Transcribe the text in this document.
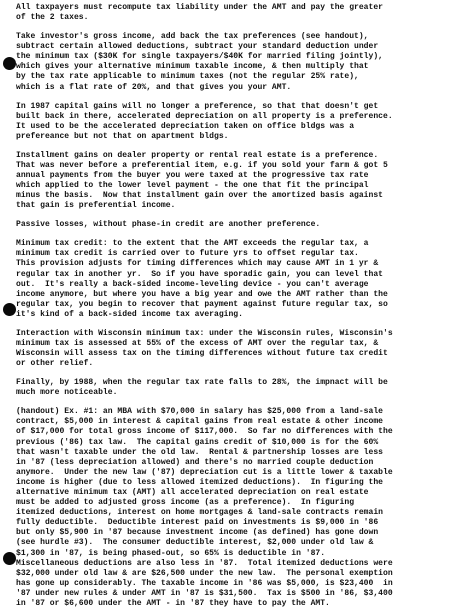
All taxpayers must recompute tax liability under the AMT and pay the greater
of the 2 taxes.
Take investor's gross income, add back the tax preferences (see handout),
subtract certain allowed deductions, subtract your standard deduction under
the minimum tax ($30K for single taxpayers/$40K for married filing jointly),
which gives your alternative minimum taxable income, & then multiply that
by the tax rate applicable to minimum taxes (not the regular 25% rate),
which is a flat rate of 20%, and that gives you your AMT.
In 1987 capital gains will no longer a preference, so that that doesn't get
built back in there, accelerated depreciation on all property is a preference.
It used to be the accelerated depreciation taken on office bldgs was a
prefereance but not that on apartment bldgs.
Installment gains on dealer property or rental real estate is a preference.
That was never before a preferential item, e.g. if you sold your farm & got 5
annual payments from the buyer you were taxed at the progressive tax rate
which applied to the lower level payment - the one that fit the principal
minus the basis.  Now that installment gain over the amortized basis against
that gain is preferential income.
Passive losses, without phase-in credit are another preference.
Minimum tax credit: to the extent that the AMT exceeds the regular tax, a
minimum tax credit is carried over to future yrs to offset regular tax.
This provision adjusts for timing differences which may cause AMT in 1 yr &
regular tax in another yr.  So if you have sporadic gain, you can level that
out.  It's really a back-sided income-leveling device - you can't average
income anymore, but where you have a big year and owe the AMT rather than the
regular tax, you begin to recover that payment against future regular tax, so
it's kind of a back-sided income tax averaging.
Interaction with Wisconsin minimum tax: under the Wisconsin rules, Wisconsin's
minimum tax is assessed at 55% of the excess of AMT over the regular tax, &
Wisconsin will assess tax on the timing differences without future tax credit
or other relief.
Finally, by 1988, when the regular tax rate falls to 28%, the impnact will be
much more noticeable.
(handout) Ex. #1: an MBA with $70,000 in salary has $25,000 from a land-sale
contract, $5,000 in interest & capital gains from real estate & other income
of $17,000 for total gross income of $117,000.  So far no differences with the
previous ('86) tax law.  The capital gains credit of $10,000 is for the 60%
that wasn't taxable under the old law.  Rental & partnership losses are less
in '87 (less depreciation allowed) and there's no married couple deduction
anymore.  Under the new law ('87) depreciation cut is a little lower & taxable
income is higher (due to less allowed itemized deductions).  In figuring the
alternative minimum tax (AMT) all accelerated depreciation on real estate
must be added to adjusted gross income (as a preference).  In figuring
itemized deductions, interest on home mortgages & land-sale contracts remain
fully deductible.  Deductible interest paid on investments is $9,000 in '86
but only $5,900 in '87 because investment income (as defined) has gone down
(see hurdle #3).  The consumer deductible interest, $2,000 under old law &
$1,300 in '87, is being phased-out, so 65% is deductible in '87.
Miscellaneous deductions are also less in '87.  Total itemized deductions were
$32,000 under old law & are $26,500 under the new law.  The personal exemption
has gone up considerably. The taxable income in '86 was $5,000, is $23,400  in
'87 under new rules & under AMT in '87 is $31,500.  Tax is $500 in '86, $3,400
in '87 or $6,600 under the AMT - in '87 they have to pay the AMT.
